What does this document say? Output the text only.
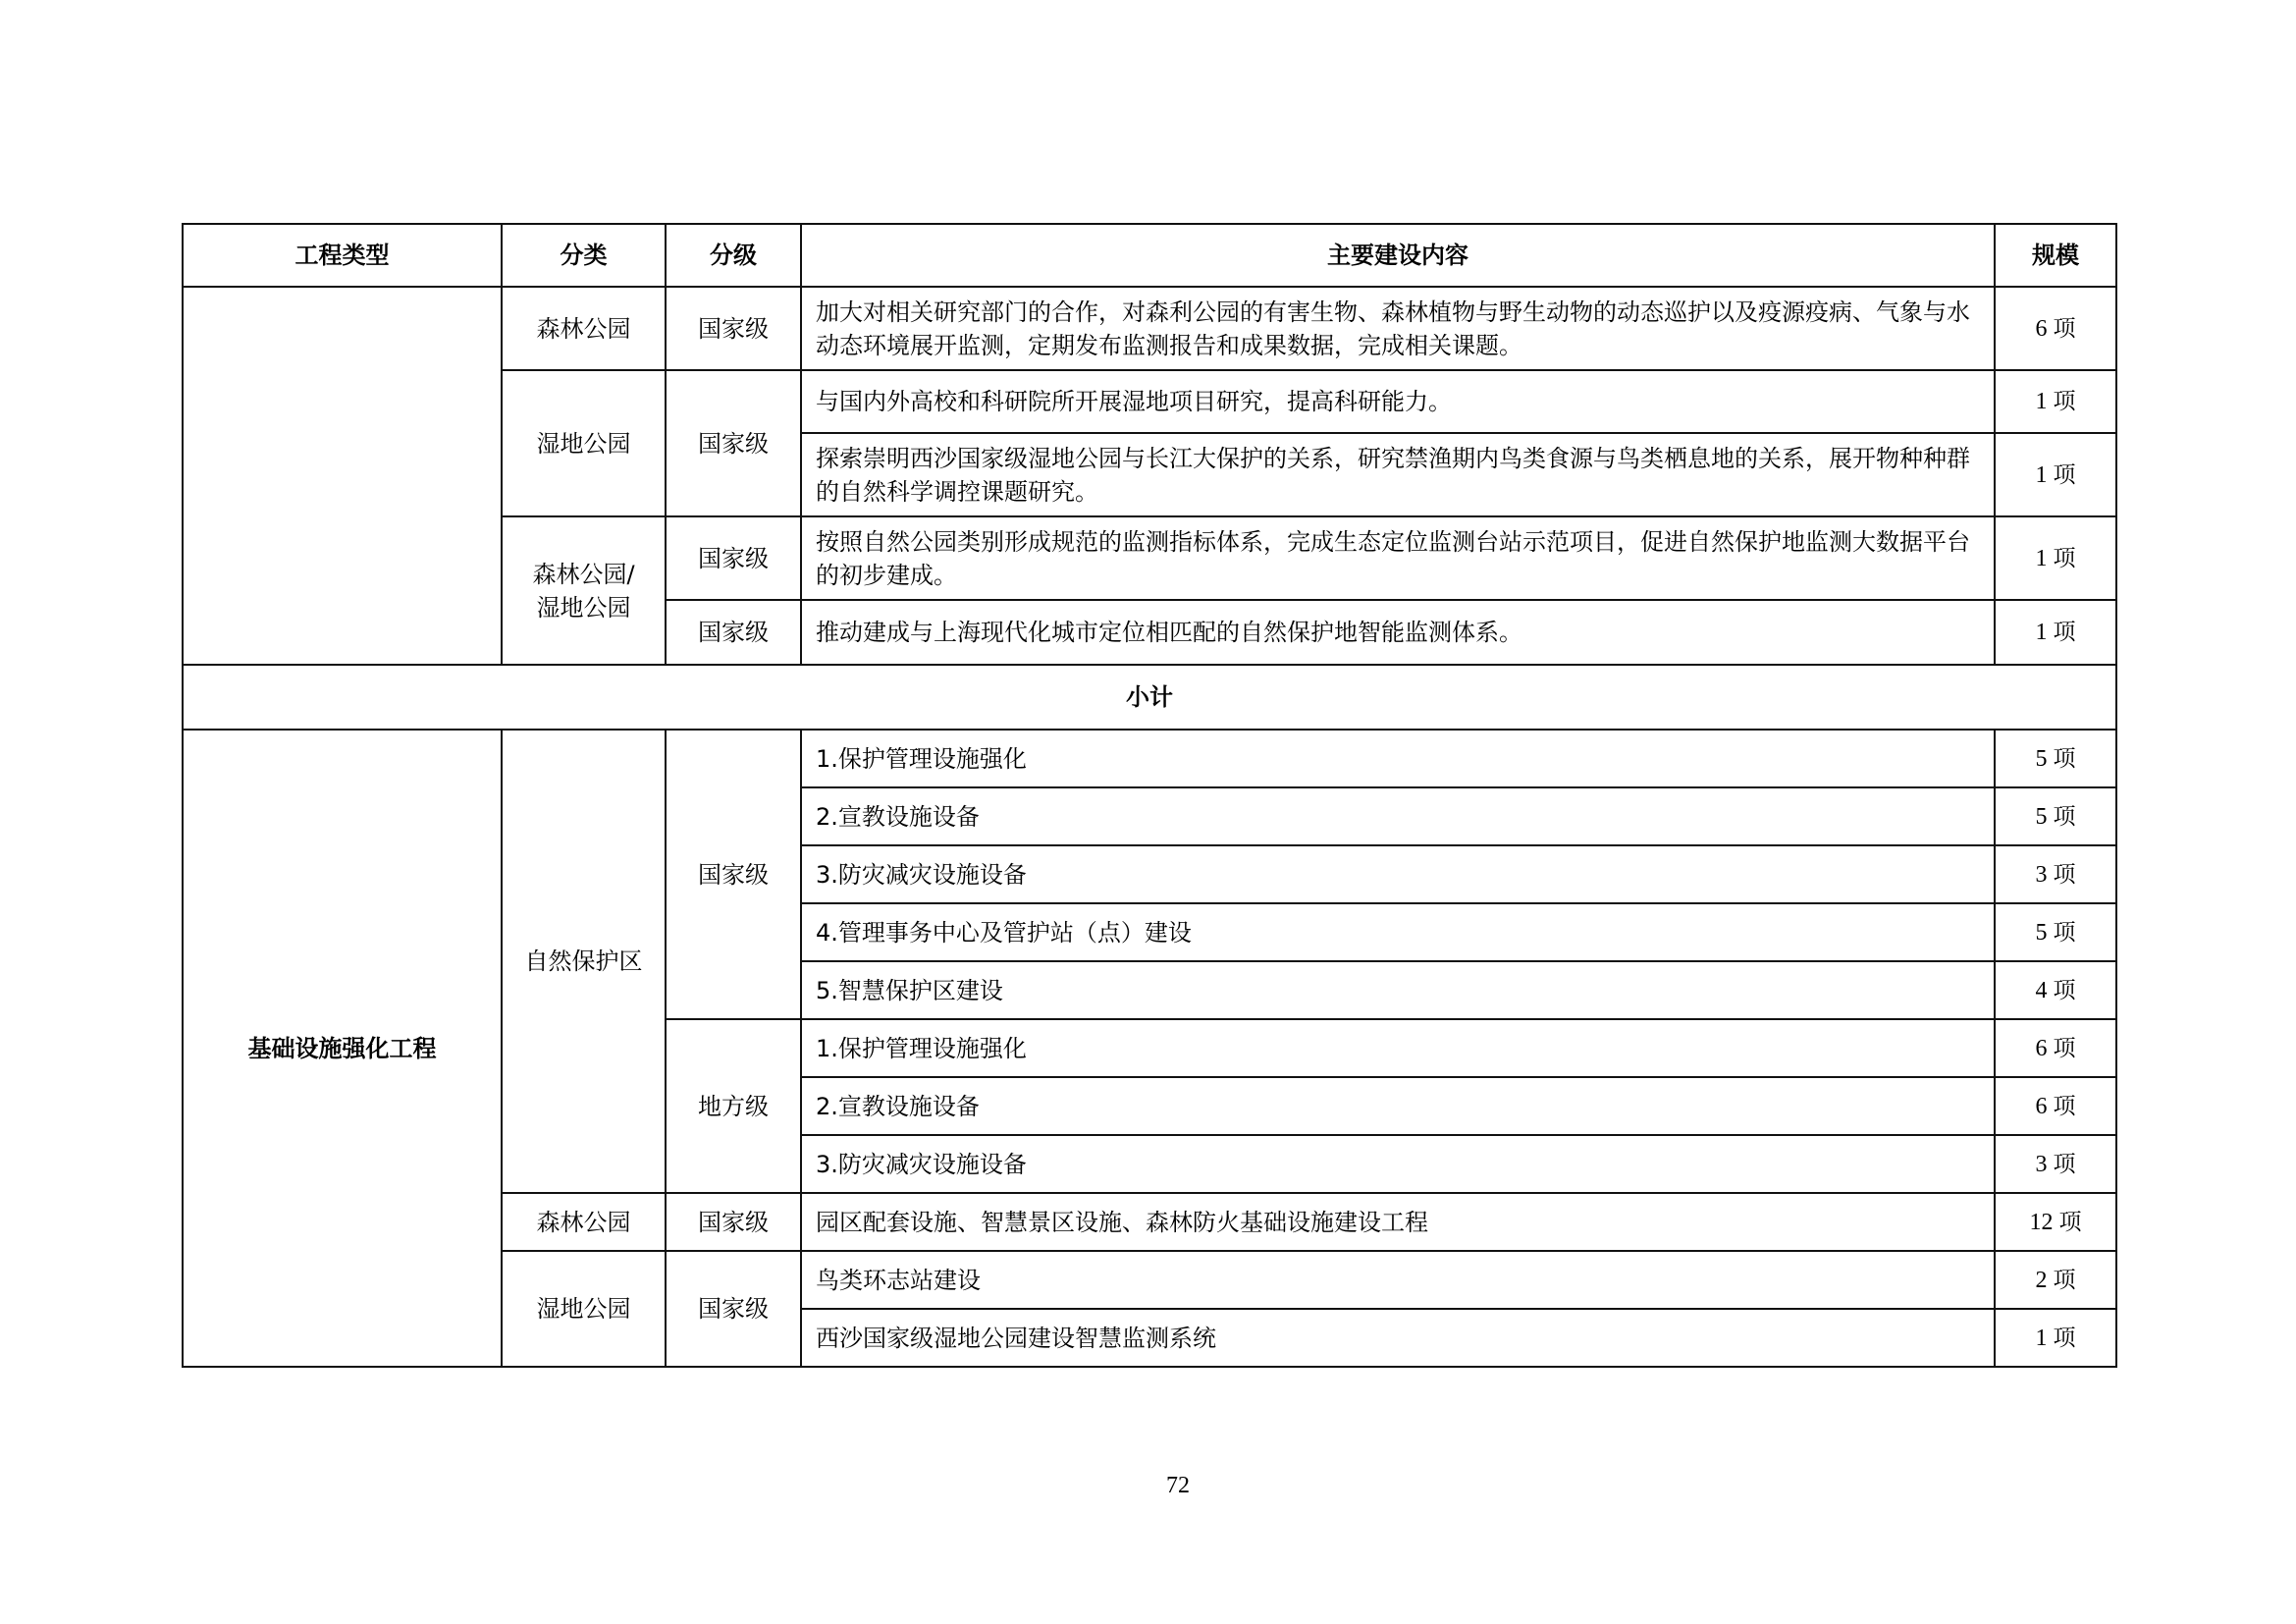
工程类型	分类	分级	主要建设内容	规模
	森林公园	国家级	加大对相关研究部门的合作，对森利公园的有害生物、森林植物与野生动物的动态巡护以及疫源疫病、气象与水动态环境展开监测，定期发布监测报告和成果数据，完成相关课题。	6 项
	湿地公园	国家级	与国内外高校和科研院所开展湿地项目研究，提高科研能力。	1 项
			探索崇明西沙国家级湿地公园与长江大保护的关系，研究禁渔期内鸟类食源与鸟类栖息地的关系，展开物种种群的自然科学调控课题研究。	1 项
	森林公园/湿地公园	国家级	按照自然公园类别形成规范的监测指标体系，完成生态定位监测台站示范项目，促进自然保护地监测大数据平台的初步建成。	1 项
		国家级	推动建成与上海现代化城市定位相匹配的自然保护地智能监测体系。	1 项
小计				
基础设施强化工程	自然保护区	国家级	1.保护管理设施强化	5 项
			2.宣教设施设备	5 项
			3.防灾减灾设施设备	3 项
			4.管理事务中心及管护站（点）建设	5 项
			5.智慧保护区建设	4 项
		地方级	1.保护管理设施强化	6 项
			2.宣教设施设备	6 项
			3.防灾减灾设施设备	3 项
	森林公园	国家级	园区配套设施、智慧景区设施、森林防火基础设施建设工程	12 项
	湿地公园	国家级	鸟类环志站建设	2 项
			西沙国家级湿地公园建设智慧监测系统	1 项
72
